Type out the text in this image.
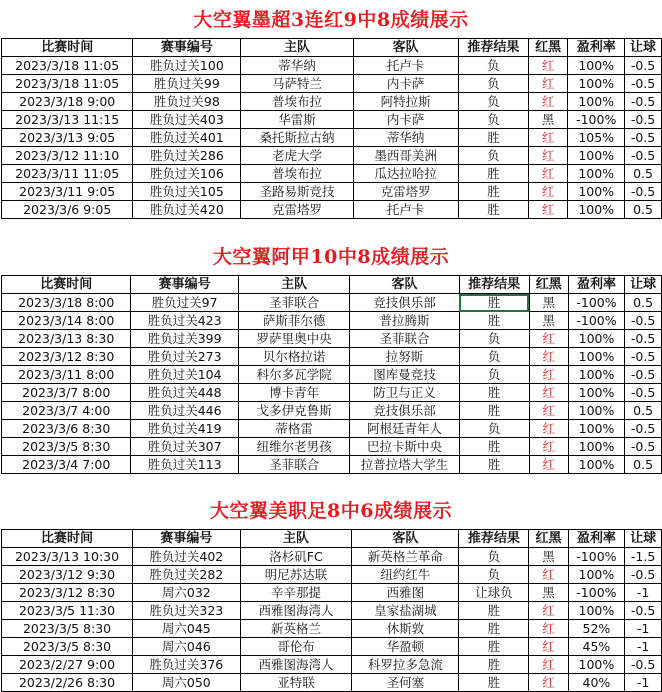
大空翼墨超3连红9中8成绩展示
比赛时间	赛事编号	主队	客队	推荐结果	红黑	盈利率	让球
2023/3/18 11:05	胜负过关100	蒂华纳	托卢卡	负	红	100%	-0.5
2023/3/18 11:05	胜负过关99	马萨特兰	内卡萨	负	红	100%	-0.5
2023/3/18 9:00	胜负过关98	普埃布拉	阿特拉斯	负	红	100%	-0.5
2023/3/13 11:15	胜负过关403	华雷斯	内卡萨	负	黑	-100%	-0.5
2023/3/13 9:05	胜负过关401	桑托斯拉古纳	蒂华纳	胜	红	105%	-0.5
2023/3/12 11:10	胜负过关286	老虎大学	墨西哥美洲	负	红	100%	-0.5
2023/3/11 11:05	胜负过关106	普埃布拉	瓜达拉哈拉	胜	红	100%	0.5
2023/3/11 9:05	胜负过关105	圣路易斯竞技	克雷塔罗	胜	红	100%	-0.5
2023/3/6 9:05	胜负过关420	克雷塔罗	托卢卡	胜	红	100%	0.5
大空翼阿甲10中8成绩展示
比赛时间	赛事编号	主队	客队	推荐结果	红黑	盈利率	让球
2023/3/18 8:00	胜负过关97	圣菲联合	竞技俱乐部	胜	黑	-100%	0.5
2023/3/14 8:00	胜负过关423	萨斯菲尔德	普拉腾斯	胜	黑	-100%	-0.5
2023/3/13 8:30	胜负过关399	罗萨里奥中央	圣菲联合	负	红	100%	-0.5
2023/3/12 8:30	胜负过关273	贝尔格拉诺	拉努斯	负	红	100%	-0.5
2023/3/11 8:00	胜负过关104	科尔多瓦学院	图库曼竞技	负	红	100%	-0.5
2023/3/7 8:00	胜负过关448	博卡青年	防卫与正义	胜	红	100%	-0.5
2023/3/7 4:00	胜负过关446	戈多伊克鲁斯	竞技俱乐部	胜	红	100%	0.5
2023/3/6 8:30	胜负过关419	蒂格雷	阿根廷青年人	负	红	100%	-0.5
2023/3/5 8:30	胜负过关307	纽维尔老男孩	巴拉卡斯中央	胜	红	100%	-0.5
2023/3/4 7:00	胜负过关113	圣菲联合	拉普拉塔大学生	胜	红	100%	0.5
大空翼美职足8中6成绩展示
比赛时间	赛事编号	主队	客队	推荐结果	红黑	盈利率	让球
2023/3/13 10:30	胜负过关402	洛杉矶FC	新英格兰革命	负	黑	-100%	-1.5
2023/3/12 9:30	胜负过关282	明尼苏达联	纽约红牛	负	红	100%	-0.5
2023/3/12 8:30	周六032	辛辛那提	西雅图	让球负	黑	-100%	-1
2023/3/5 11:30	胜负过关323	西雅图海湾人	皇家盐湖城	胜	红	100%	-0.5
2023/3/5 8:30	周六045	新英格兰	休斯敦	胜	红	52%	-1
2023/3/5 8:30	周六046	哥伦布	华盈顿	胜	红	45%	-1
2023/2/27 9:00	胜负过关376	西雅图海湾人	科罗拉多急流	胜	红	100%	-0.5
2023/2/26 8:30	周六050	亚特联	圣何塞	胜	红	40%	-1
